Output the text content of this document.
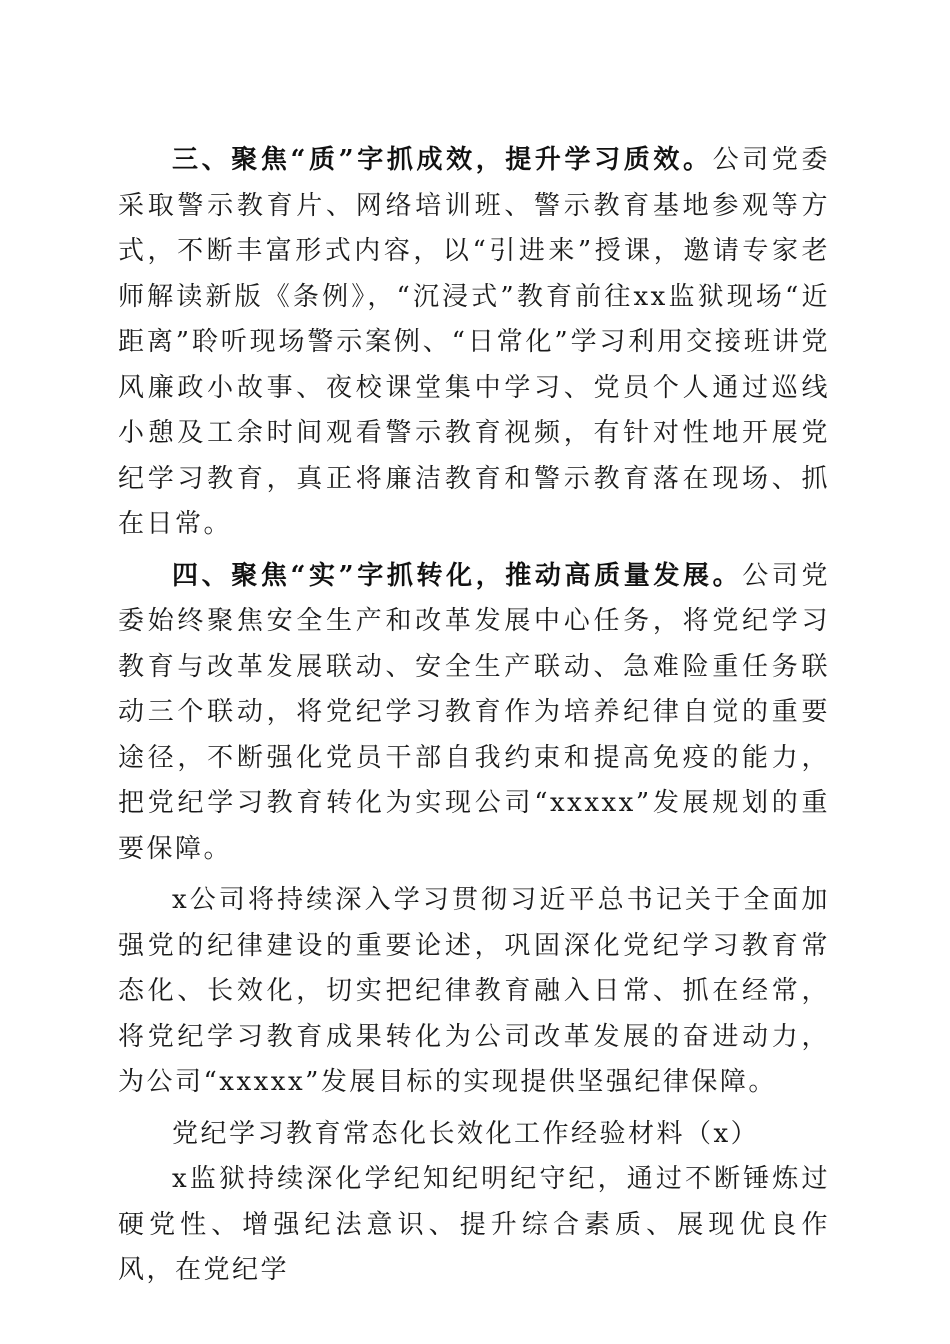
三、聚焦“质”字抓成效，提升学习质效。公司党委采取警示教育片、网络培训班、警示教育基地参观等方式，不断丰富形式内容，以“引进来”授课，邀请专家老师解读新版《条例》，“沉浸式”教育前往xx监狱现场“近距离”聆听现场警示案例、“日常化”学习利用交接班讲党风廉政小故事、夜校课堂集中学习、党员个人通过巡线小憩及工余时间观看警示教育视频，有针对性地开展党纪学习教育，真正将廉洁教育和警示教育落在现场、抓在日常。

四、聚焦“实”字抓转化，推动高质量发展。公司党委始终聚焦安全生产和改革发展中心任务，将党纪学习教育与改革发展联动、安全生产联动、急难险重任务联动三个联动，将党纪学习教育作为培养纪律自觉的重要途径，不断强化党员干部自我约束和提高免疫的能力，把党纪学习教育转化为实现公司“xxxxx”发展规划的重要保障。

x公司将持续深入学习贯彻习近平总书记关于全面加强党的纪律建设的重要论述，巩固深化党纪学习教育常态化、长效化，切实把纪律教育融入日常、抓在经常，将党纪学习教育成果转化为公司改革发展的奋进动力，为公司“xxxxx”发展目标的实现提供坚强纪律保障。

党纪学习教育常态化长效化工作经验材料（x）

x监狱持续深化学纪知纪明纪守纪，通过不断锤炼过硬党性、增强纪法意识、提升综合素质、展现优良作风，在党纪学
